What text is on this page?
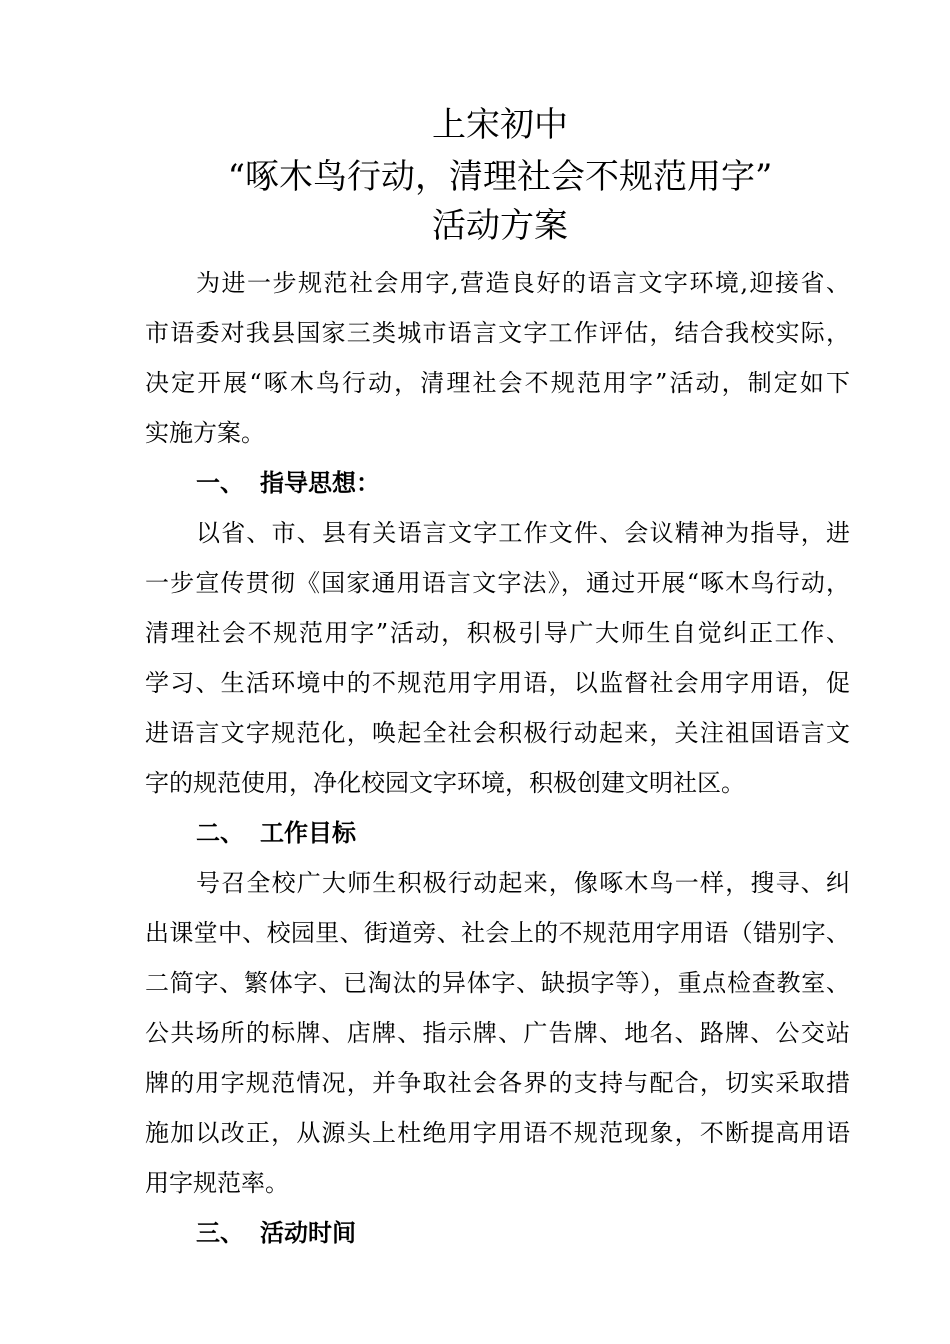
上宋初中
“啄木鸟行动，清理社会不规范用字”
活动方案
为进一步规范社会用字,营造良好的语言文字环境,迎接省、
市语委对我县国家三类城市语言文字工作评估，结合我校实际，
决定开展“啄木鸟行动，清理社会不规范用字”活动，制定如下
实施方案。
一、 指导思想：
以省、市、县有关语言文字工作文件、会议精神为指导，进
一步宣传贯彻《国家通用语言文字法》，通过开展“啄木鸟行动，
清理社会不规范用字”活动，积极引导广大师生自觉纠正工作、
学习、生活环境中的不规范用字用语，以监督社会用字用语，促
进语言文字规范化，唤起全社会积极行动起来，关注祖国语言文
字的规范使用，净化校园文字环境，积极创建文明社区。
二、 工作目标
号召全校广大师生积极行动起来，像啄木鸟一样，搜寻、纠
出课堂中、校园里、街道旁、社会上的不规范用字用语（错别字、
二简字、繁体字、已淘汰的异体字、缺损字等），重点检查教室、
公共场所的标牌、店牌、指示牌、广告牌、地名、路牌、公交站
牌的用字规范情况，并争取社会各界的支持与配合，切实采取措
施加以改正，从源头上杜绝用字用语不规范现象，不断提高用语
用字规范率。
三、 活动时间
